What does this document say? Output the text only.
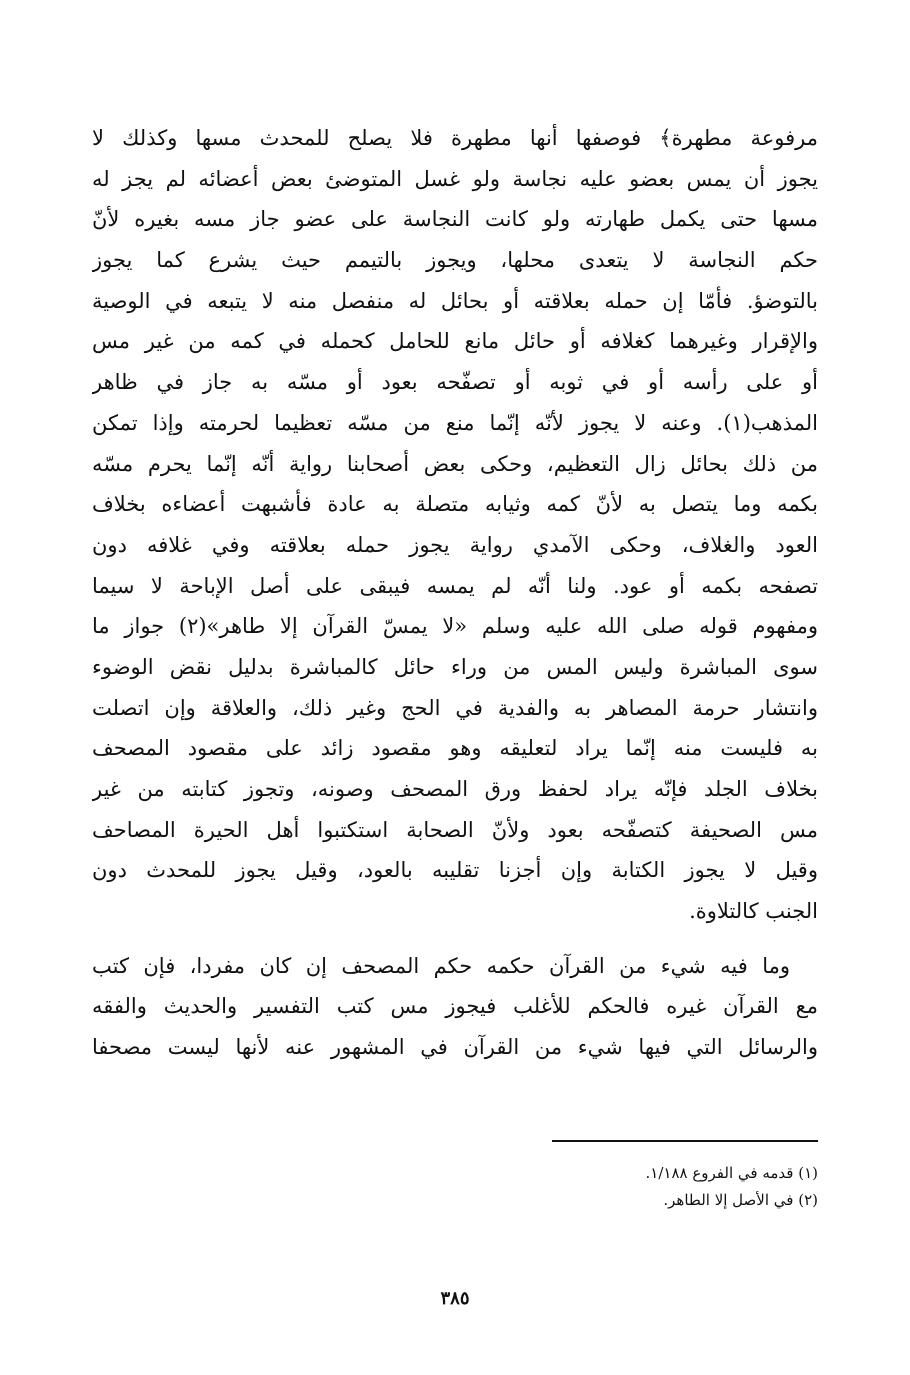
مرفوعة مطهرة﴾ فوصفها أنها مطهرة فلا يصلح للمحدث مسها وكذلك لا
يجوز أن يمس بعضو عليه نجاسة ولو غسل المتوضئ بعض أعضائه لم يجز له
مسها حتى يكمل طهارته ولو كانت النجاسة على عضو جاز مسه بغيره لأنّ
حكم النجاسة لا يتعدى محلها، ويجوز بالتيمم حيث يشرع كما يجوز
بالتوضؤ. فأمّا إن حمله بعلاقته أو بحائل له منفصل منه لا يتبعه في الوصية
والإقرار وغيرهما كغلافه أو حائل مانع للحامل كحمله في كمه من غير مس
أو على رأسه أو في ثوبه أو تصفّحه بعود أو مسّه به جاز في ظاهر
المذهب(١). وعنه لا يجوز لأنّه إنّما منع من مسّه تعظيما لحرمته وإذا تمكن
من ذلك بحائل زال التعظيم، وحكى بعض أصحابنا رواية أنّه إنّما يحرم مسّه
بكمه وما يتصل به لأنّ كمه وثيابه متصلة به عادة فأشبهت أعضاءه بخلاف
العود والغلاف، وحكى الآمدي رواية يجوز حمله بعلاقته وفي غلافه دون
تصفحه بكمه أو عود. ولنا أنّه لم يمسه فيبقى على أصل الإباحة لا سيما
ومفهوم قوله صلى الله عليه وسلم «لا يمسّ القرآن إلا طاهر»(٢) جواز ما
سوى المباشرة وليس المس من وراء حائل كالمباشرة بدليل نقض الوضوء
وانتشار حرمة المصاهر به والفدية في الحج وغير ذلك، والعلاقة وإن اتصلت
به فليست منه إنّما يراد لتعليقه وهو مقصود زائد على مقصود المصحف
بخلاف الجلد فإنّه يراد لحفظ ورق المصحف وصونه، وتجوز كتابته من غير
مس الصحيفة كتصفّحه بعود ولأنّ الصحابة استكتبوا أهل الحيرة المصاحف
وقيل لا يجوز الكتابة وإن أجزنا تقليبه بالعود، وقيل يجوز للمحدث دون
الجنب كالتلاوة.
وما فيه شيء من القرآن حكمه حكم المصحف إن كان مفردا، فإن كتب
مع القرآن غيره فالحكم للأغلب فيجوز مس كتب التفسير والحديث والفقه
والرسائل التي فيها شيء من القرآن في المشهور عنه لأنها ليست مصحفا
(١) قدمه في الفروع ١/١٨٨.
(٢) في الأصل إلا الطاهر.
٣٨٥
